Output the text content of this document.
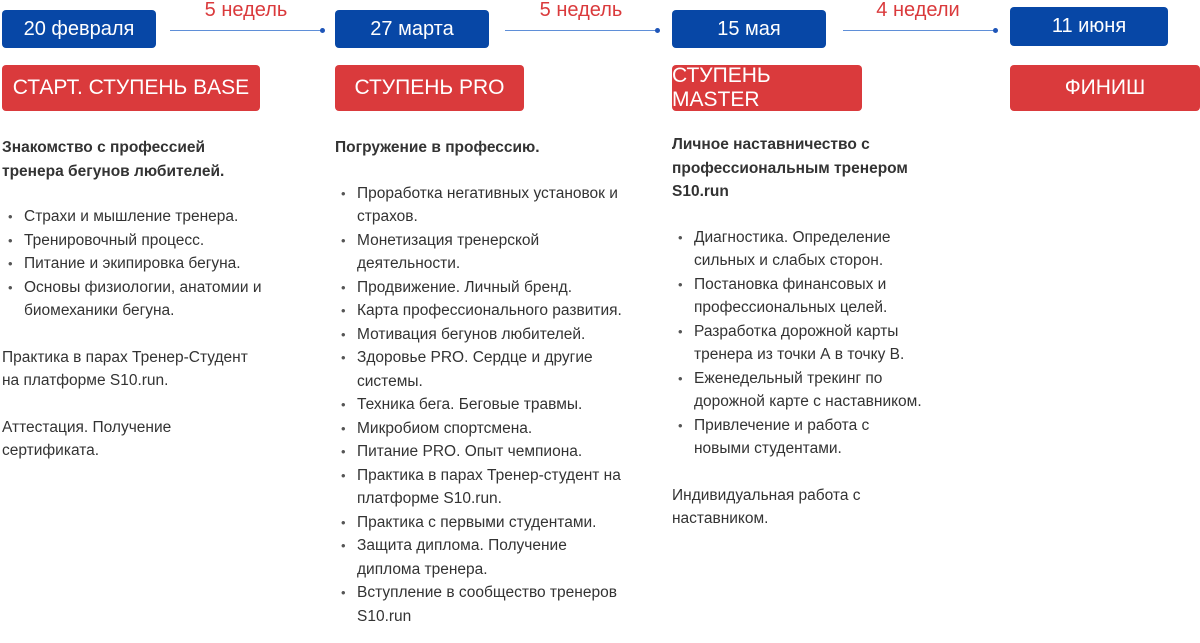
20 февраля	27 марта	15 мая	11 июня
5 недель	5 недель	4 недели
СТАРТ. СТУПЕНЬ BASE	СТУПЕНЬ PRO
СТУПЕНЬ MASTER
ФИНИШ

Знакомство с профессией тренера бегунов любителей.

• Страхи и мышление тренера.
• Тренировочный процесс.
• Питание и экипировка бегуна.
• Основы физиологии, анатомии и биомеханики бегуна.

Практика в парах Тренер-Студент на платформе S10.run.

Аттестация. Получение сертификата.

Погружение в профессию.

• Проработка негативных установок и страхов.
• Монетизация тренерской деятельности.
• Продвижение. Личный бренд.
• Карта профессионального развития.
• Мотивация бегунов любителей.
• Здоровье PRO. Сердце и другие системы.
• Техника бега. Беговые травмы.
• Микробиом спортсмена.
• Питание PRO. Опыт чемпиона.
• Практика в парах Тренер-студент на платформе S10.run.
• Практика с первыми студентами.
• Защита диплома. Получение диплома тренера.
• Вступление в сообщество тренеров S10.run

Личное наставничество с профессиональным тренером S10.run

• Диагностика. Определение сильных и слабых сторон.
• Постановка финансовых и профессиональных целей.
• Разработка дорожной карты тренера из точки А в точку В.
• Еженедельный трекинг по дорожной карте с наставником.
• Привлечение и работа с новыми студентами.

Индивидуальная работа с наставником.
